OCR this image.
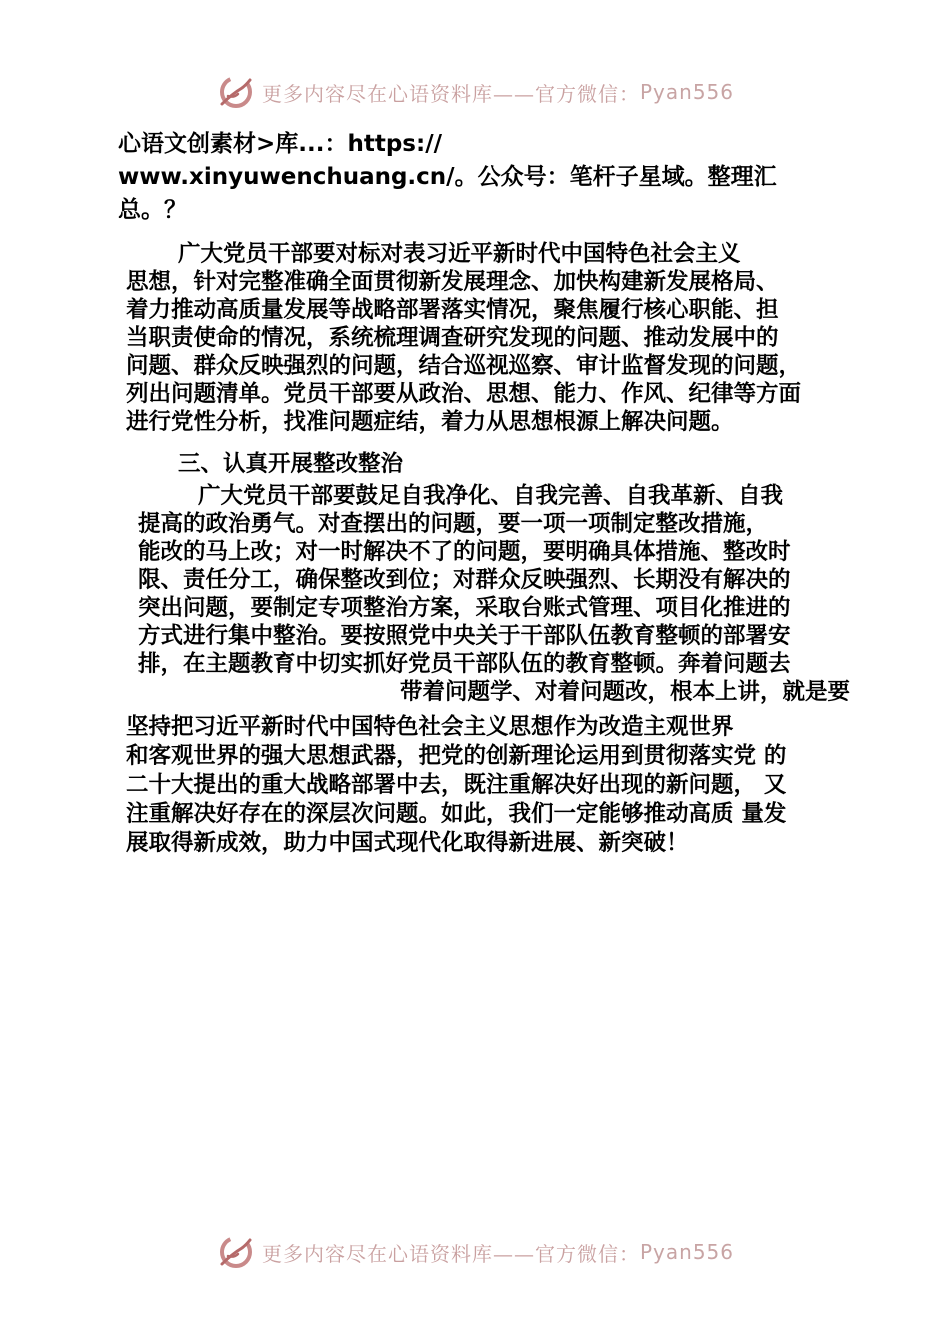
更多内容尽在心语资料库——官方微信： Pyan556
心语文创素材>库...：https://
www.xinyuwenchuang.cn/。公众号：笔杆子星域。整理汇
总。？
广大党员干部要对标对表习近平新时代中国特色社会主义
思想，针对完整准确全面贯彻新发展理念、加快构建新发展格局、
着力推动高质量发展等战略部署落实情况，聚焦履行核心职能、担
当职责使命的情况，系统梳理调查研究发现的问题、推动发展中的
问题、群众反映强烈的问题，结合巡视巡察、审计监督发现的问题，
列出问题清单。党员干部要从政治、思想、能力、作风、纪律等方面
进行党性分析，找准问题症结，着力从思想根源上解决问题。
三、认真开展整改整治
广大党员干部要鼓足自我净化、自我完善、自我革新、自我
提高的政治勇气。对查摆出的问题，要一项一项制定整改措施，
能改的马上改；对一时解决不了的问题，要明确具体措施、整改时
限、责任分工，确保整改到位；对群众反映强烈、长期没有解决的
突出问题，要制定专项整治方案，采取台账式管理、项目化推进的
方式进行集中整治。要按照党中央关于干部队伍教育整顿的部署安
排，在主题教育中切实抓好党员干部队伍的教育整顿。奔着问题去
带着问题学、对着问题改，根本上讲，就是要
坚持把习近平新时代中国特色社会主义思想作为改造主观世界
和客观世界的强大思想武器，把党的创新理论运用到贯彻落实党 的
二十大提出的重大战略部署中去，既注重解决好出现的新问题， 又
注重解决好存在的深层次问题。如此，我们一定能够推动高质 量发
展取得新成效，助力中国式现代化取得新进展、新突破！
更多内容尽在心语资料库——官方微信： Pyan556
